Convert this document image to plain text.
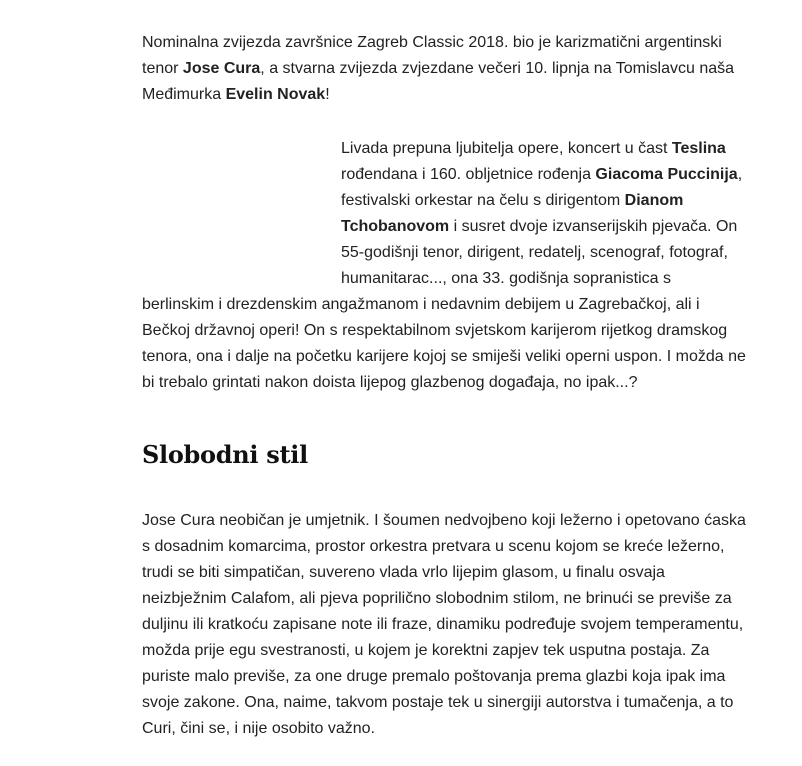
Nominalna zvijezda završnice Zagreb Classic 2018. bio je karizmatični argentinski tenor Jose Cura, a stvarna zvijezda zvjezdane večeri 10. lipnja na Tomislavcu naša Međimurka Evelin Novak!

Livada prepuna ljubitelja opere, koncert u čast Teslina rođendana i 160. obljetnice rođenja Giacoma Puccinija, festivalski orkestar na čelu s dirigentom Dianom Tchobanovom i susret dvoje izvanserijskih pjevača. On 55-godišnji tenor, dirigent, redatelj, scenograf, fotograf, humanitarac..., ona 33. godišnja sopranistica s berlinskim i drezdenskim angažmanom i nedavnim debijem u Zagrebačkoj, ali i Bečkoj državnoj operi! On s respektabilnom svjetskom karijerom rijetkog dramskog tenora, ona i dalje na početku karijere kojoj se smiješi veliki operni uspon. I možda ne bi trebalo grintati nakon doista lijepog glazbenog događaja, no ipak...?

Slobodni stil

Jose Cura neobičan je umjetnik. I šoumen nedvojbeno koji ležerno i opetovano ćaska s dosadnim komarcima, prostor orkestra pretvara u scenu kojom se kreće ležerno, trudi se biti simpatičan, suvereno vlada vrlo lijepim glasom, u finalu osvaja neizbježnim Calafom, ali pjeva poprilično slobodnim stilom, ne brinući se previše za duljinu ili kratkoću zapisane note ili fraze, dinamiku podređuje svojem temperamentu, možda prije egu svestranosti, u kojem je korektni zapjev tek usputna postaja. Za puriste malo previše, za one druge premalo poštovanja prema glazbi koja ipak ima svoje zakone. Ona, naime, takvom postaje tek u sinergiji autorstva i tumačenja, a to Curi, čini se, i nije osobito važno.
